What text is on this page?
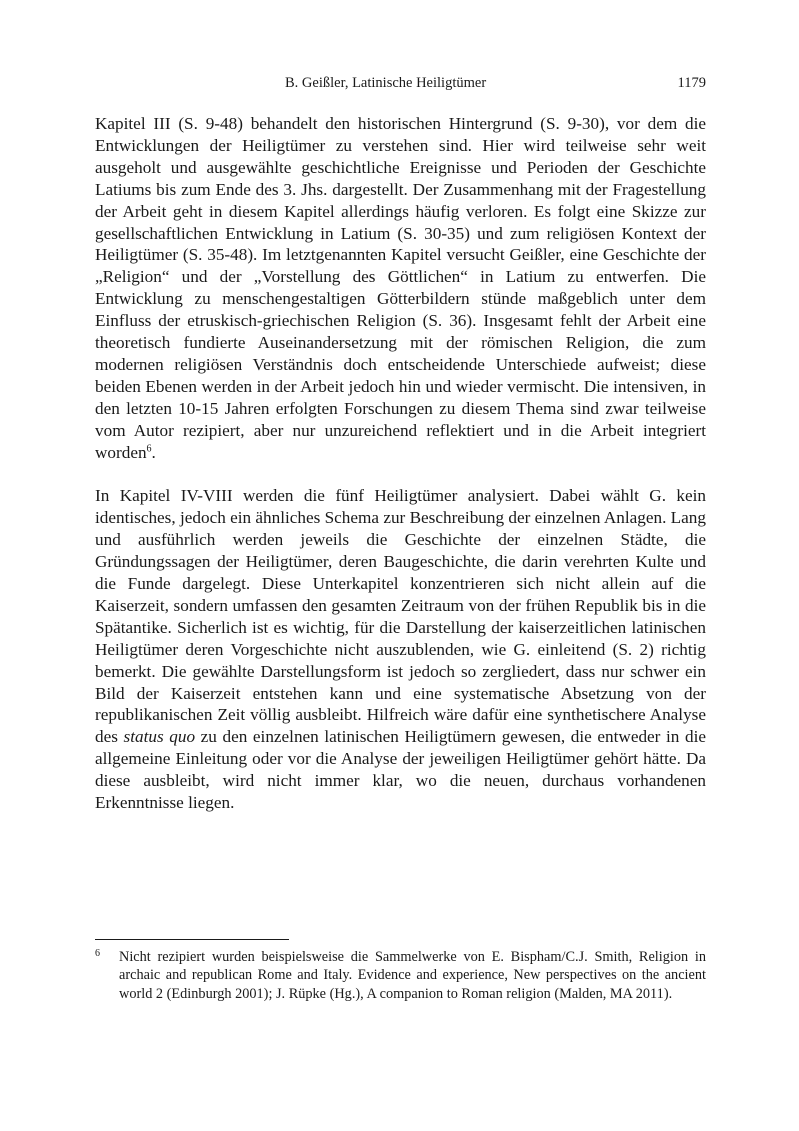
B. Geißler, Latinische Heiligtümer	1179

Kapitel III (S. 9-48) behandelt den historischen Hintergrund (S. 9-30), vor dem die Entwicklungen der Heiligtümer zu verstehen sind. Hier wird teilweise sehr weit ausgeholt und ausgewählte geschichtliche Ereignisse und Perioden der Geschichte Latiums bis zum Ende des 3. Jhs. dargestellt. Der Zusammenhang mit der Fragestellung der Arbeit geht in diesem Kapitel allerdings häufig verloren. Es folgt eine Skizze zur gesellschaftlichen Entwicklung in Latium (S. 30-35) und zum religiösen Kontext der Heiligtümer (S. 35-48). Im letztgenannten Kapitel versucht Geißler, eine Geschichte der „Religion“ und der „Vorstellung des Göttlichen“ in Latium zu entwerfen. Die Entwicklung zu menschengestaltigen Götterbildern stünde maßgeblich unter dem Einfluss der etruskisch-griechischen Religion (S. 36). Insgesamt fehlt der Arbeit eine theoretisch fundierte Auseinandersetzung mit der römischen Religion, die zum modernen religiösen Verständnis doch entscheidende Unterschiede aufweist; diese beiden Ebenen werden in der Arbeit jedoch hin und wieder vermischt. Die intensiven, in den letzten 10-15 Jahren erfolgten Forschungen zu diesem Thema sind zwar teilweise vom Autor rezipiert, aber nur unzureichend reflektiert und in die Arbeit integriert worden$^6$.

In Kapitel IV-VIII werden die fünf Heiligtümer analysiert. Dabei wählt G. kein identisches, jedoch ein ähnliches Schema zur Beschreibung der einzelnen Anlagen. Lang und ausführlich werden jeweils die Geschichte der einzelnen Städte, die Gründungssagen der Heiligtümer, deren Baugeschichte, die darin verehrten Kulte und die Funde dargelegt. Diese Unterkapitel konzentrieren sich nicht allein auf die Kaiserzeit, sondern umfassen den gesamten Zeitraum von der frühen Republik bis in die Spätantike. Sicherlich ist es wichtig, für die Darstellung der kaiserzeitlichen latinischen Heiligtümer deren Vorgeschichte nicht auszublenden, wie G. einleitend (S. 2) richtig bemerkt. Die gewählte Darstellungsform ist jedoch so zergliedert, dass nur schwer ein Bild der Kaiserzeit entstehen kann und eine systematische Absetzung von der republikanischen Zeit völlig ausbleibt. Hilfreich wäre dafür eine synthetischere Analyse des status quo zu den einzelnen latinischen Heiligtümern gewesen, die entweder in die allgemeine Einleitung oder vor die Analyse der jeweiligen Heiligtümer gehört hätte. Da diese ausbleibt, wird nicht immer klar, wo die neuen, durchaus vorhandenen Erkenntnisse liegen.

6 Nicht rezipiert wurden beispielsweise die Sammelwerke von E. Bispham/C.J. Smith, Religion in archaic and republican Rome and Italy. Evidence and experience, New perspectives on the ancient world 2 (Edinburgh 2001); J. Rüpke (Hg.), A companion to Roman religion (Malden, MA 2011).
